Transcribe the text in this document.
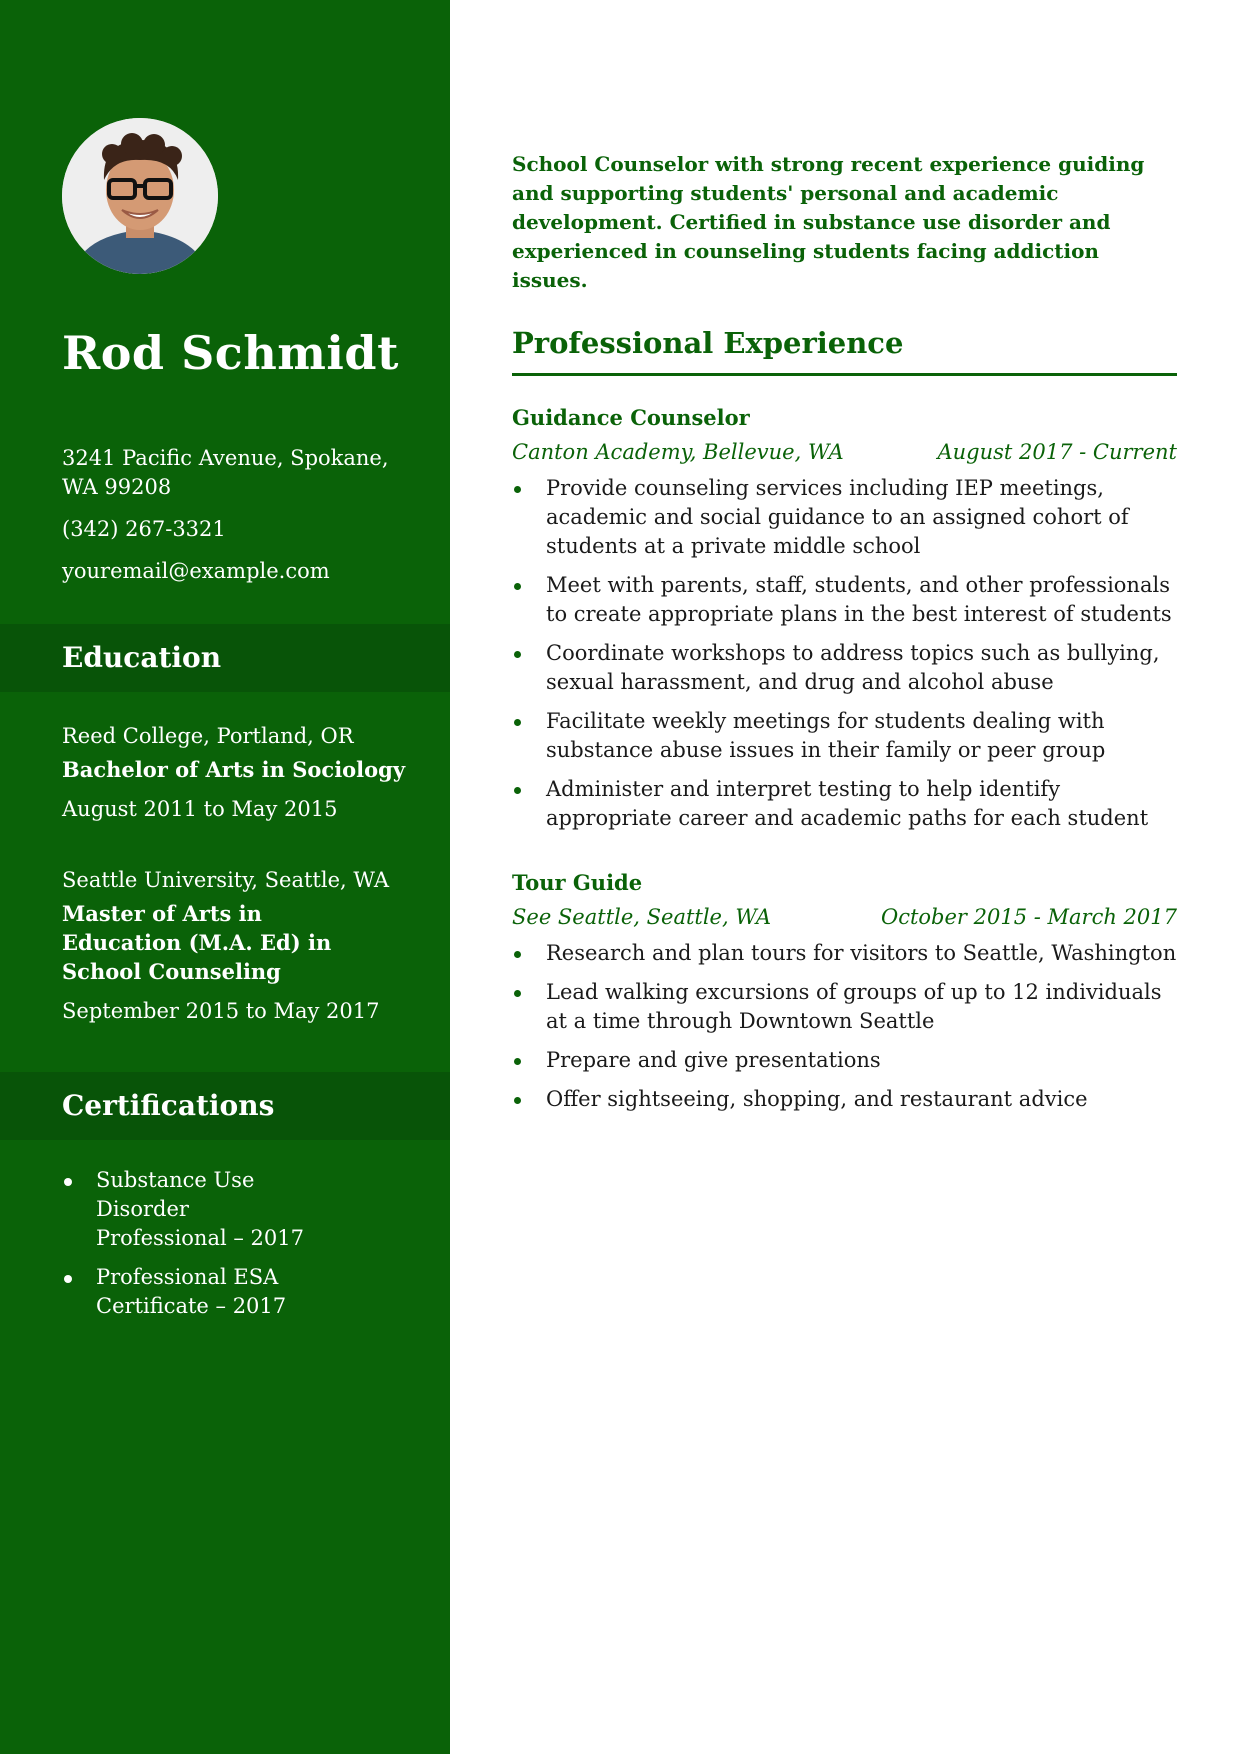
Rod Schmidt
3241 Pacific Avenue, Spokane,
WA 99208
(342) 267-3321
youremail@example.com
Education
Reed College, Portland, OR
Bachelor of Arts in Sociology
August 2011 to May 2015
Seattle University, Seattle, WA
Master of Arts in Education (M.A. Ed) in School Counseling
September 2015 to May 2017
Certifications
Substance Use Disorder Professional – 2017
Professional ESA Certificate – 2017

School Counselor with strong recent experience guiding and supporting students' personal and academic development. Certified in substance use disorder and experienced in counseling students facing addiction issues.

Professional Experience
Guidance Counselor
Canton Academy, Bellevue, WA	August 2017 - Current
Provide counseling services including IEP meetings, academic and social guidance to an assigned cohort of students at a private middle school
Meet with parents, staff, students, and other professionals to create appropriate plans in the best interest of students
Coordinate workshops to address topics such as bullying, sexual harassment, and drug and alcohol abuse
Facilitate weekly meetings for students dealing with substance abuse issues in their family or peer group
Administer and interpret testing to help identify appropriate career and academic paths for each student
Tour Guide
See Seattle, Seattle, WA	October 2015 - March 2017
Research and plan tours for visitors to Seattle, Washington
Lead walking excursions of groups of up to 12 individuals at a time through Downtown Seattle
Prepare and give presentations
Offer sightseeing, shopping, and restaurant advice
